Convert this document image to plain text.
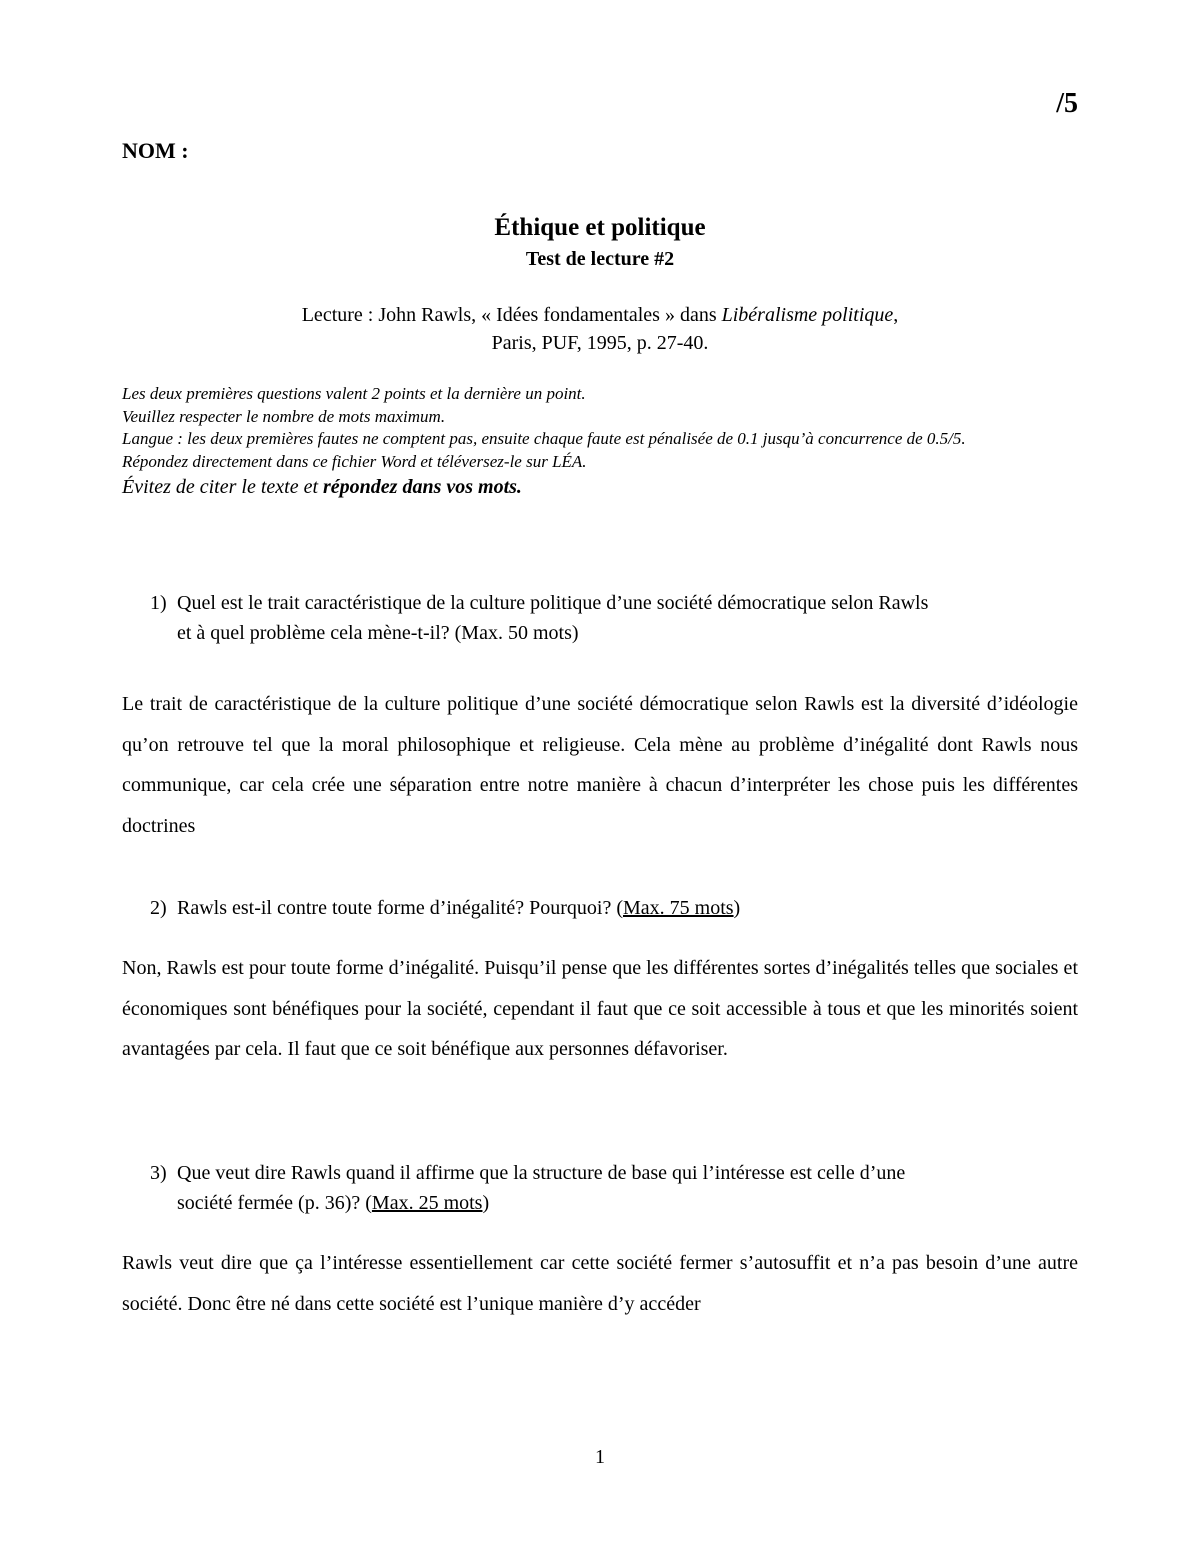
/5
NOM :
Éthique et politique
Test de lecture #2
Lecture : John Rawls, « Idées fondamentales » dans Libéralisme politique,
Paris, PUF, 1995, p. 27-40.
Les deux premières questions valent 2 points et la dernière un point.
Veuillez respecter le nombre de mots maximum.
Langue : les deux premières fautes ne comptent pas, ensuite chaque faute est pénalisée de 0.1 jusqu’à concurrence de 0.5/5.
Répondez directement dans ce fichier Word et téléversez-le sur LÉA.
Évitez de citer le texte et répondez dans vos mots.
1) Quel est le trait caractéristique de la culture politique d’une société démocratique selon Rawls
et à quel problème cela mène-t-il? (Max. 50 mots)
Le trait de caractéristique de la culture politique d’une société démocratique selon Rawls est la diversité d’idéologie qu’on retrouve tel que la moral philosophique et religieuse. Cela mène au problème d’inégalité dont Rawls nous communique, car cela crée une séparation entre notre manière à chacun d’interpréter les chose puis les différentes doctrines
2) Rawls est-il contre toute forme d’inégalité? Pourquoi? (Max. 75 mots)
Non, Rawls est pour toute forme d’inégalité. Puisqu’il pense que les différentes sortes d’inégalités telles que sociales et économiques sont bénéfiques pour la société, cependant il faut que ce soit accessible à tous et que les minorités soient avantagées par cela. Il faut que ce soit bénéfique aux personnes défavoriser.
3) Que veut dire Rawls quand il affirme que la structure de base qui l’intéresse est celle d’une
société fermée (p. 36)? (Max. 25 mots)
Rawls veut dire que ça l’intéresse essentiellement car cette société fermer s’autosuffit et n’a pas besoin d’une autre société. Donc être né dans cette société est l’unique manière d’y accéder
1
